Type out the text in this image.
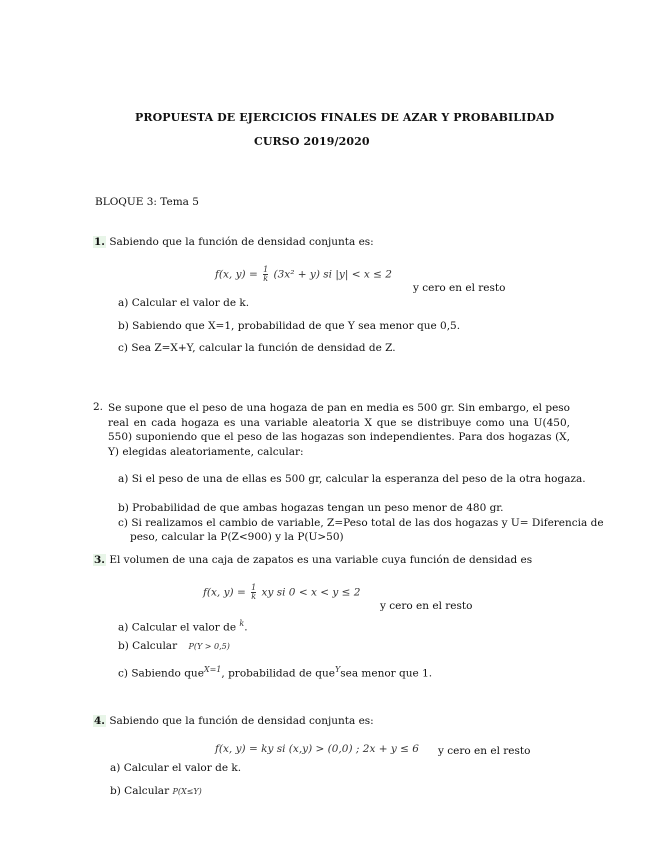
PROPUESTA DE EJERCICIOS FINALES DE AZAR Y PROBABILIDAD
CURSO 2019/2020
BLOQUE 3: Tema 5
1. Sabiendo que la función de densidad conjunta es:
f(x, $y) = \frac{1}{k} (3x^2 + y)$ si |y| < x ≤ 2
y cero en el resto
a) Calcular el valor de k.
b) Sabiendo que X=1, probabilidad de que Y sea menor que 0,5.
c) Sea Z=X+Y, calcular la función de densidad de Z.
2. Se supone que el peso de una hogaza de pan en media es 500 gr. Sin embargo, el peso real en cada hogaza es una variable aleatoria X que se distribuye como una U(450, 550) suponiendo que el peso de las hogazas son independientes. Para dos hogazas (X, Y) elegidas aleatoriamente, calcular:
a) Si el peso de una de ellas es 500 gr, calcular la esperanza del peso de la otra hogaza.
b) Probabilidad de que ambas hogazas tengan un peso menor de 480 gr.
c) Si realizamos el cambio de variable, Z=Peso total de las dos hogazas y U= Diferencia de
peso, calcular la P(Z<900) y la P(U>50)
3. El volumen de una caja de zapatos es una variable cuya función de densidad es
f(x, $y) = \frac{1}{k}$ xy si 0 < x < y ≤ 2
y cero en el resto
a) Calcular el valor de $^k$.
b) Calcular P(Y > 0,5)
c) Sabiendo que$^{X=1}$, probabilidad de que$^Y$sea menor que 1.
4. Sabiendo que la función de densidad conjunta es:
f(x, y) = ky si (x,y) > (0,0) ; 2x + y ≤ 6 y cero en el resto
a) Calcular el valor de k.
b) Calcular P(X≤Y)
